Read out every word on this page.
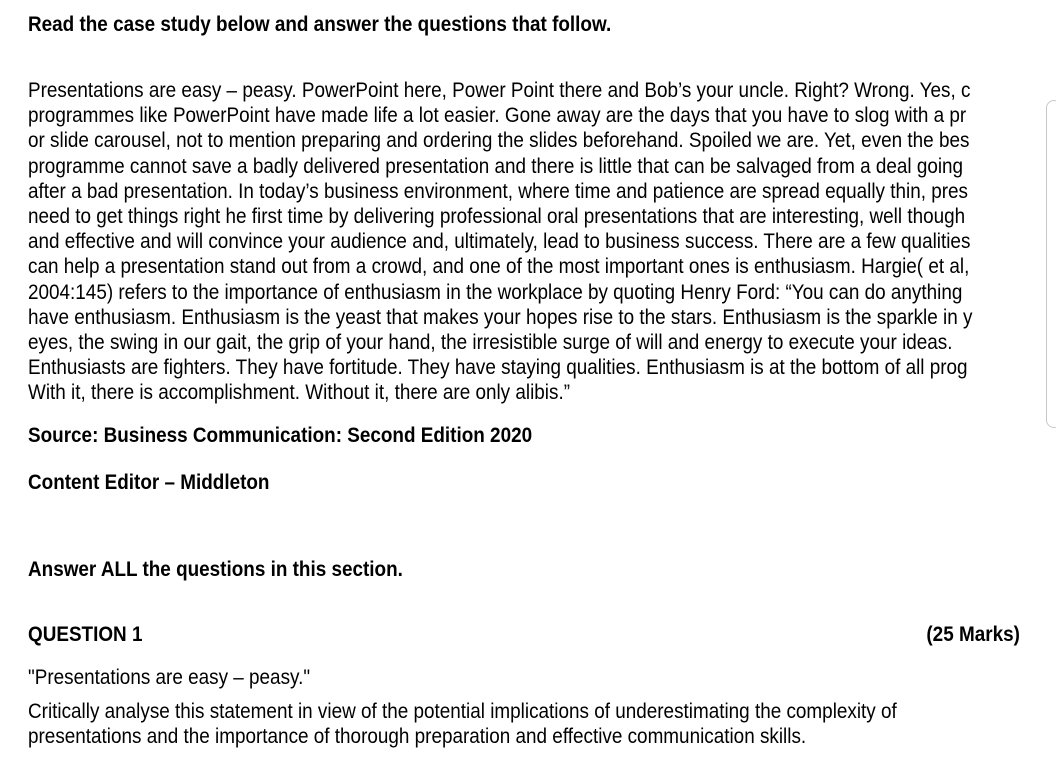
Read the case study below and answer the questions that follow.

Presentations are easy – peasy. PowerPoint here, Power Point there and Bob’s your uncle. Right? Wrong. Yes, c
programmes like PowerPoint have made life a lot easier. Gone away are the days that you have to slog with a pr
or slide carousel, not to mention preparing and ordering the slides beforehand. Spoiled we are. Yet, even the bes
programme cannot save a badly delivered presentation and there is little that can be salvaged from a deal going
after a bad presentation. In today’s business environment, where time and patience are spread equally thin, pres
need to get things right he first time by delivering professional oral presentations that are interesting, well though
and effective and will convince your audience and, ultimately, lead to business success. There are a few qualities
can help a presentation stand out from a crowd, and one of the most important ones is enthusiasm. Hargie( et al,
2004:145) refers to the importance of enthusiasm in the workplace by quoting Henry Ford: “You can do anything
have enthusiasm. Enthusiasm is the yeast that makes your hopes rise to the stars. Enthusiasm is the sparkle in y
eyes, the swing in our gait, the grip of your hand, the irresistible surge of will and energy to execute your ideas.
Enthusiasts are fighters. They have fortitude. They have staying qualities. Enthusiasm is at the bottom of all prog
With it, there is accomplishment. Without it, there are only alibis.”

Source: Business Communication: Second Edition 2020
Content Editor – Middleton
Answer ALL the questions in this section.
QUESTION 1	(25 Marks)
"Presentations are easy – peasy."

Critically analyse this statement in view of the potential implications of underestimating the complexity of
presentations and the importance of thorough preparation and effective communication skills.
